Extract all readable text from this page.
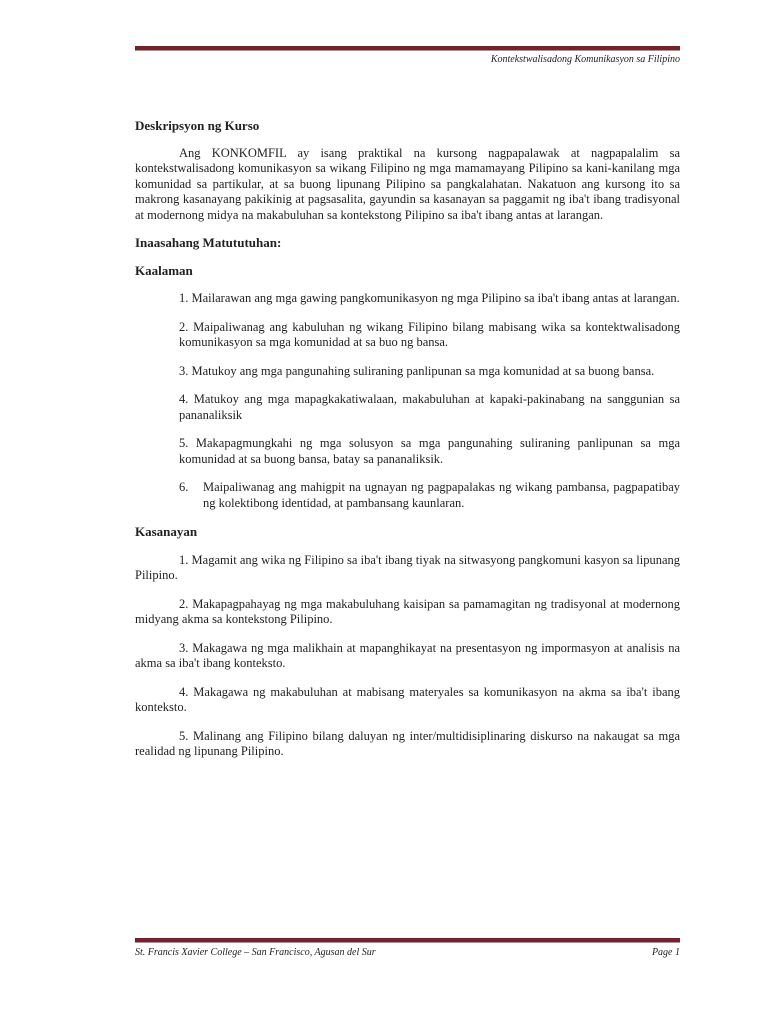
Kontekstwalisadong Komunikasyon sa Filipino
Deskripsyon ng Kurso

Ang KONKOMFIL ay isang praktikal na kursong nagpapalawak at nagpapalalim sa kontekstwalisadong komunikasyon sa wikang Filipino ng mga mamamayang Pilipino sa kani-kanilang mga komunidad sa partikular, at sa buong lipunang Pilipino sa pangkalahatan. Nakatuon ang kursong ito sa makrong kasanayang pakikinig at pagsasalita, gayundin sa kasanayan sa paggamit ng iba't ibang tradisyonal at modernong midya na makabuluhan sa kontekstong Pilipino sa iba't ibang antas at larangan.

Inaasahang Matututuhan:
Kaalaman

1. Mailarawan ang mga gawing pangkomunikasyon ng mga Pilipino sa iba't ibang antas at larangan.

2. Maipaliwanag ang kabuluhan ng wikang Filipino bilang mabisang wika sa kontektwalisadong komunikasyon sa mga komunidad at sa buo ng bansa.

3. Matukoy ang mga pangunahing suliraning panlipunan sa mga komunidad at sa buong bansa.

4. Matukoy ang mga mapagkakatiwalaan, makabuluhan at kapaki-pakinabang na sanggunian sa pananaliksik

5. Makapagmungkahi ng mga solusyon sa mga pangunahing suliraning panlipunan sa mga komunidad at sa buong bansa, batay sa pananaliksik.

6. Maipaliwanag ang mahigpit na ugnayan ng pagpapalakas ng wikang pambansa, pagpapatibay ng kolektibong identidad, at pambansang kaunlaran.

Kasanayan

1. Magamit ang wika ng Filipino sa iba't ibang tiyak na sitwasyong pangkomuni kasyon sa lipunang Pilipino.

2. Makapagpahayag ng mga makabuluhang kaisipan sa pamamagitan ng tradisyonal at modernong midyang akma sa kontekstong Pilipino.

3. Makagawa ng mga malikhain at mapanghikayat na presentasyon ng impormasyon at analisis na akma sa iba't ibang konteksto.

4. Makagawa ng makabuluhan at mabisang materyales sa komunikasyon na akma sa iba't ibang konteksto.

5. Malinang ang Filipino bilang daluyan ng inter/multidisiplinaring diskurso na nakaugat sa mga realidad ng lipunang Pilipino.

St. Francis Xavier College – San Francisco, Agusan del Sur	Page 1
